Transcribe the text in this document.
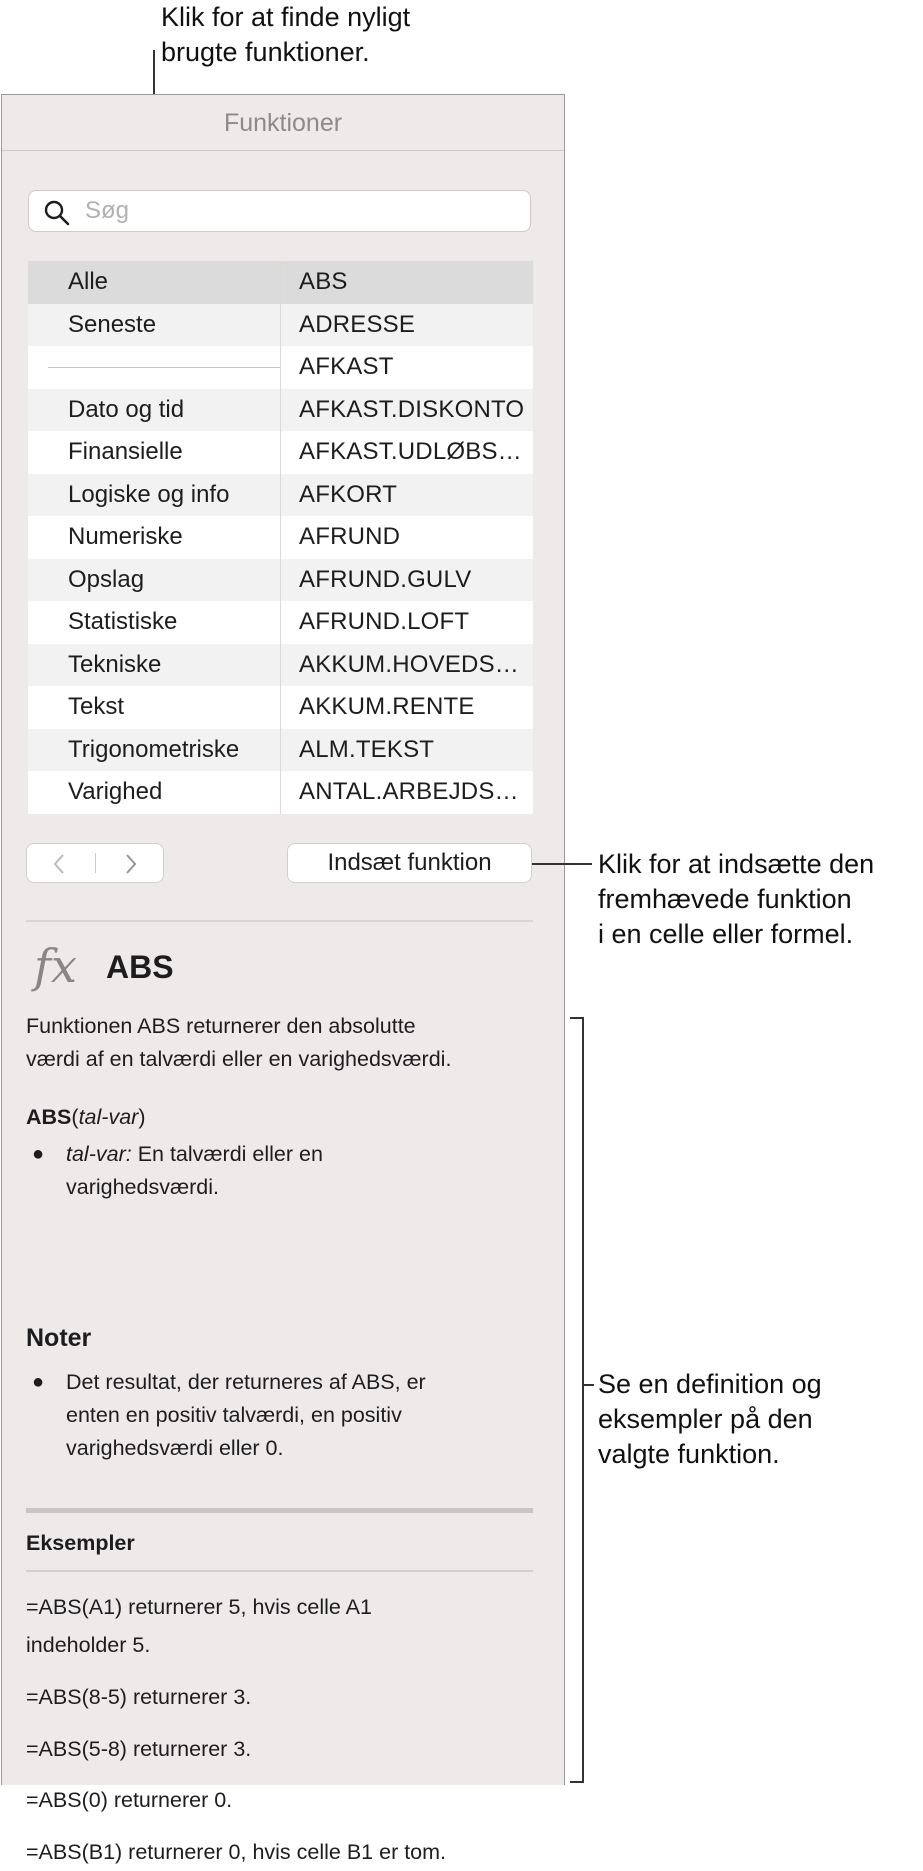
Klik for at finde nyligt
brugte funktioner.
Funktioner
Søg
Alle
Seneste
Dato og tid
Finansielle
Logiske og info
Numeriske
Opslag
Statistiske
Tekniske
Tekst
Trigonometriske
Varighed
ABS
ADRESSE
AFKAST
AFKAST.DISKONTO
AFKAST.UDLØBS…
AFKORT
AFRUND
AFRUND.GULV
AFRUND.LOFT
AKKUM.HOVEDS…
AKKUM.RENTE
ALM.TEKST
ANTAL.ARBEJDS…
Indsæt funktion
fx ABS
Funktionen ABS returnerer den absolutte
værdi af en talværdi eller en varighedsværdi.
ABS(tal-var)
● tal-var: En talværdi eller en
varighedsværdi.
Noter
● Det resultat, der returneres af ABS, er
enten en positiv talværdi, en positiv
varighedsværdi eller 0.
Eksempler
=ABS(A1) returnerer 5, hvis celle A1
indeholder 5.
=ABS(8-5) returnerer 3.
=ABS(5-8) returnerer 3.
=ABS(0) returnerer 0.
=ABS(B1) returnerer 0, hvis celle B1 er tom.
Klik for at indsætte den
fremhævede funktion
i en celle eller formel.
Se en definition og
eksempler på den
valgte funktion.
